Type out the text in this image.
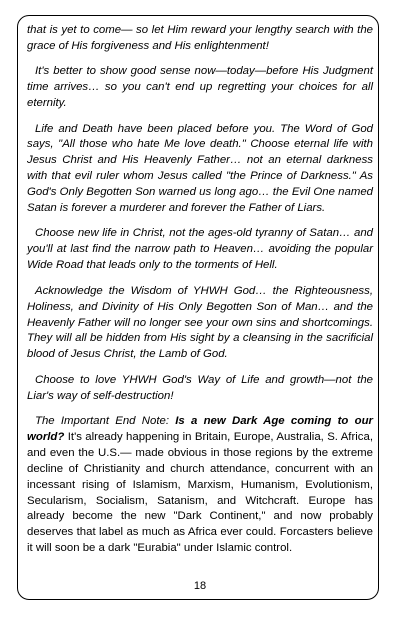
that is yet to come— so let Him reward your lengthy search with the grace of His forgiveness and His enlightenment!

It's better to show good sense now—today—before His Judgment time arrives… so you can't end up regretting your choices for all eternity.

Life and Death have been placed before you. The Word of God says, "All those who hate Me love death." Choose eternal life with Jesus Christ and His Heavenly Father… not an eternal darkness with that evil ruler whom Jesus called "the Prince of Darkness." As God's Only Begotten Son warned us long ago… the Evil One named Satan is forever a murderer and forever the Father of Liars.

Choose new life in Christ, not the ages-old tyranny of Satan… and you'll at last find the narrow path to Heaven… avoiding the popular Wide Road that leads only to the torments of Hell.

Acknowledge the Wisdom of YHWH God… the Righteousness, Holiness, and Divinity of His Only Begotten Son of Man… and the Heavenly Father will no longer see your own sins and shortcomings. They will all be hidden from His sight by a cleansing in the sacrificial blood of Jesus Christ, the Lamb of God.

Choose to love YHWH God's Way of Life and growth—not the Liar's way of self-destruction!

The Important End Note: Is a new Dark Age coming to our world? It's already happening in Britain, Europe, Australia, S. Africa, and even the U.S.— made obvious in those regions by the extreme decline of Christianity and church attendance, concurrent with an incessant rising of Islamism, Marxism, Humanism, Evolutionism, Secularism, Socialism, Satanism, and Witchcraft. Europe has already become the new "Dark Continent," and now probably deserves that label as much as Africa ever could. Forcasters believe it will soon be a dark "Eurabia" under Islamic control.

18
